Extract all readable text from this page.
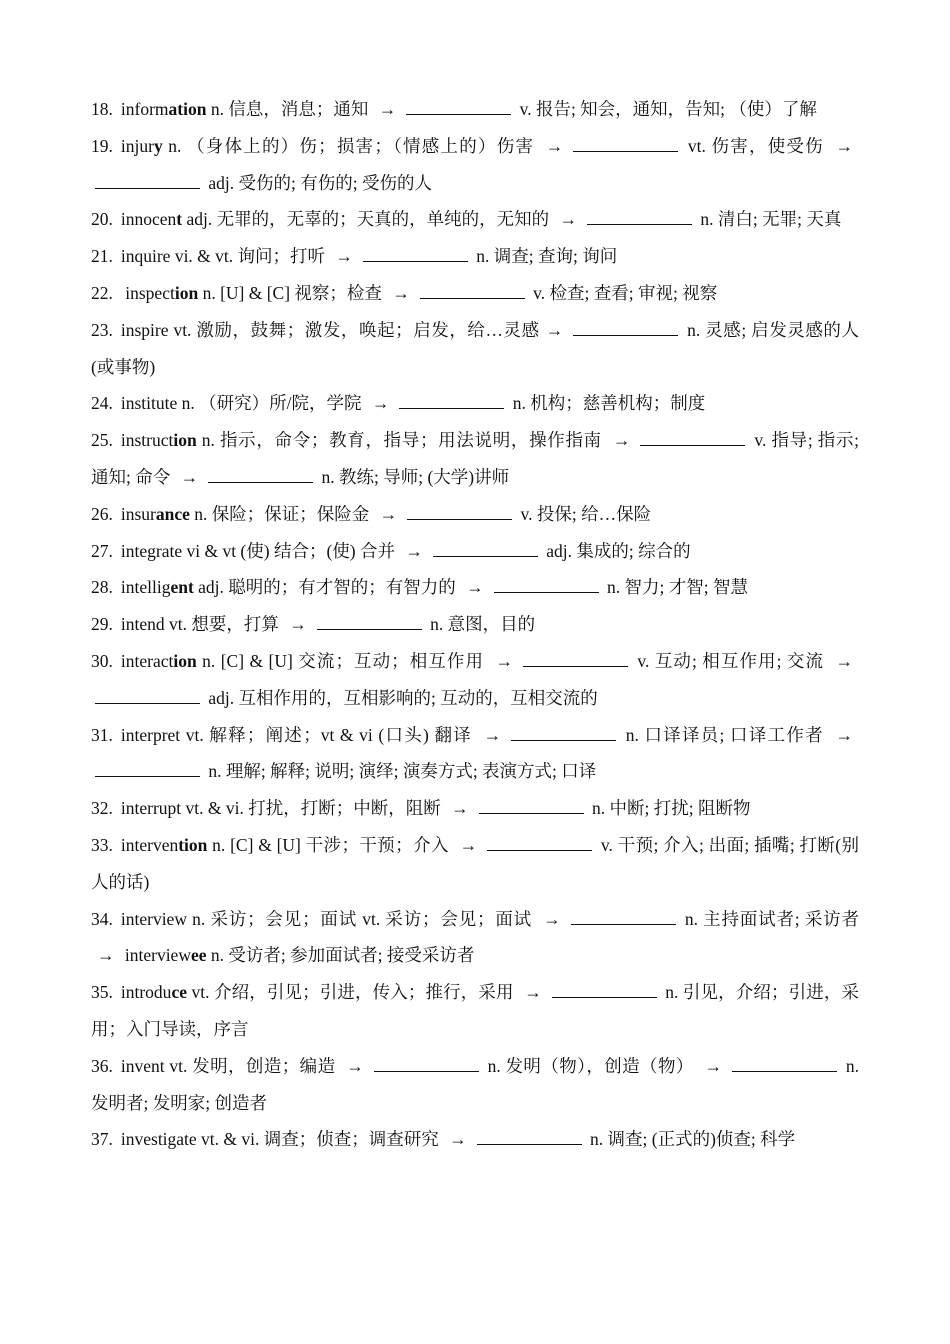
18. information n. 信息，消息；通知 →	v. 报告; 知会，通知，告知; （使）了解

19. injury n. （身体上的）伤；损害；（情感上的）伤害 →	vt. 伤害，使受伤 → adj. 受伤的; 有伤的; 受伤的人

20. innocent adj. 无罪的，无辜的；天真的，单纯的，无知的 →	n. 清白; 无罪; 天真

21. inquire vi. & vt. 询问；打听 →	n. 调查; 查询; 询问

22. inspection n. [U] & [C] 视察；检查 →	v. 检查; 查看; 审视; 视察

23. inspire vt. 激励，鼓舞；激发，唤起；启发，给…灵感 →	n. 灵感; 启发灵感的人(或事物)

24. institute n. （研究）所/院，学院 →	n. 机构；慈善机构；制度

25. instruction n. 指示，命令；教育，指导；用法说明，操作指南 →	v. 指导; 指示; 通知; 命令 →	n. 教练; 导师; (大学)讲师

26. insurance n. 保险；保证；保险金 →	v. 投保; 给…保险

27. integrate vi & vt (使) 结合；(使) 合并 →	adj. 集成的; 综合的

28. intelligent adj. 聪明的；有才智的；有智力的 →	n. 智力; 才智; 智慧

29. intend vt. 想要，打算 →	n. 意图，目的

30. interaction n. [C] & [U] 交流；互动；相互作用 →	v. 互动; 相互作用; 交流 → adj. 互相作用的，互相影响的; 互动的，互相交流的

31. interpret vt. 解释；阐述；vt & vi (口头) 翻译 →	n. 口译译员; 口译工作者 → n. 理解; 解释; 说明; 演绎; 演奏方式; 表演方式; 口译

32. interrupt vt. & vi. 打扰，打断；中断，阻断 →	n. 中断; 打扰; 阻断物

33. intervention n. [C] & [U] 干涉；干预；介入 →	v. 干预; 介入; 出面; 插嘴; 打断(别人的话)

34. interview n. 采访；会见；面试 vt. 采访；会见；面试 →	n. 主持面试者; 采访者 → interviewee n. 受访者; 参加面试者; 接受采访者

35. introduce vt. 介绍，引见；引进，传入；推行，采用 →	n. 引见，介绍；引进，采用；入门导读，序言

36. invent vt. 发明，创造；编造 →	n. 发明（物），创造（物） →	n. 发明者; 发明家; 创造者

37. investigate vt. & vi. 调查；侦查；调查研究 →	n. 调查; (正式的)侦查; 科学
